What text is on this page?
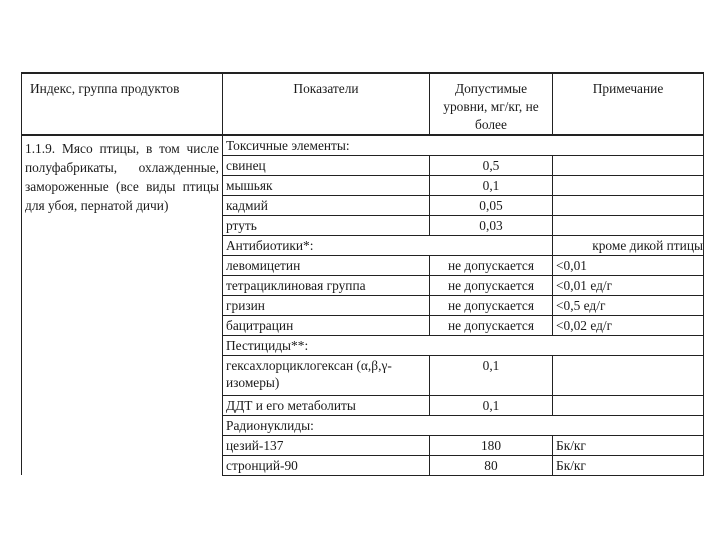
Индекс, группа продуктов	Показатели	Допустимые уровни, мг/кг, не более	Примечание
1.1.9. Мясо птицы, в том числе полуфабрикаты, охлажденные, замороженные (все виды птицы для убоя, пернатой дичи)	Токсичные элементы:		
	свинец	0,5	
	мышьяк	0,1	
	кадмий	0,05	
	ртуть	0,03	
	Антибиотики*:		кроме дикой птицы
	левомицетин	не допускается	<0,01
	тетрациклиновая группа	не допускается	<0,01 ед/г
	гризин	не допускается	<0,5 ед/г
	бацитрацин	не допускается	<0,02 ед/г
	Пестициды**:		
	гексахлорциклогексан (α,β,γ-изомеры)	0,1	
	ДДТ и его метаболиты	0,1	
	Радионуклиды:		
	цезий-137	180	Бк/кг
	стронций-90	80	Бк/кг
